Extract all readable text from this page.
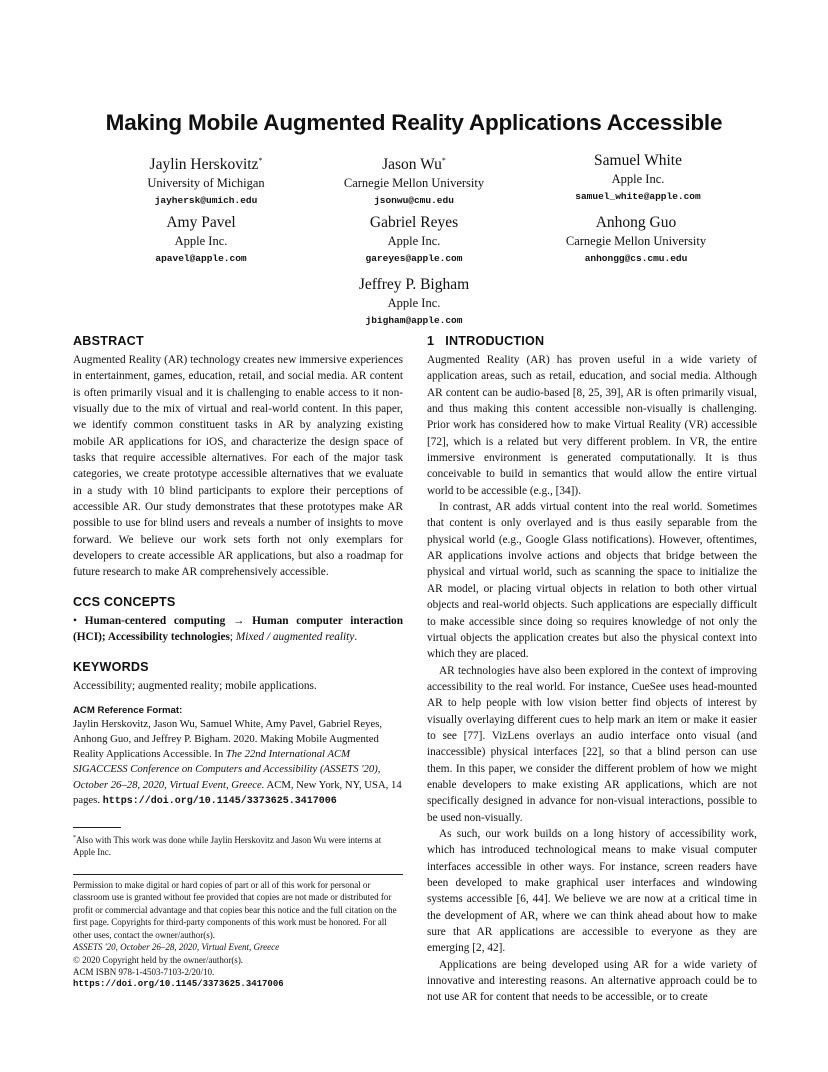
Making Mobile Augmented Reality Applications Accessible
Jaylin Herskovitz*
University of Michigan
jayhersk@umich.edu
Jason Wu*
Carnegie Mellon University
jsonwu@cmu.edu
Samuel White
Apple Inc.
samuel_white@apple.com
Amy Pavel
Apple Inc.
apavel@apple.com
Gabriel Reyes
Apple Inc.
gareyes@apple.com
Anhong Guo
Carnegie Mellon University
anhongg@cs.cmu.edu
Jeffrey P. Bigham
Apple Inc.
jbigham@apple.com
ABSTRACT

Augmented Reality (AR) technology creates new immersive experiences in entertainment, games, education, retail, and social media. AR content is often primarily visual and it is challenging to enable access to it non-visually due to the mix of virtual and real-world content. In this paper, we identify common constituent tasks in AR by analyzing existing mobile AR applications for iOS, and characterize the design space of tasks that require accessible alternatives. For each of the major task categories, we create prototype accessible alternatives that we evaluate in a study with 10 blind participants to explore their perceptions of accessible AR. Our study demonstrates that these prototypes make AR possible to use for blind users and reveals a number of insights to move forward. We believe our work sets forth not only exemplars for developers to create accessible AR applications, but also a roadmap for future research to make AR comprehensively accessible.

CCS CONCEPTS

• Human-centered computing → Human computer interaction (HCI); Accessibility technologies; Mixed / augmented reality.

KEYWORDS

Accessibility; augmented reality; mobile applications.

ACM Reference Format:
Jaylin Herskovitz, Jason Wu, Samuel White, Amy Pavel, Gabriel Reyes, Anhong Guo, and Jeffrey P. Bigham. 2020. Making Mobile Augmented Reality Applications Accessible. In The 22nd International ACM SIGACCESS Conference on Computers and Accessibility (ASSETS '20), October 26–28, 2020, Virtual Event, Greece. ACM, New York, NY, USA, 14 pages. https://doi.org/10.1145/3373625.3417006
*Also with This work was done while Jaylin Herskovitz and Jason Wu were interns at Apple Inc.
Permission to make digital or hard copies of part or all of this work for personal or classroom use is granted without fee provided that copies are not made or distributed for profit or commercial advantage and that copies bear this notice and the full citation on the first page. Copyrights for third-party components of this work must be honored. For all other uses, contact the owner/author(s).
ASSETS '20, October 26–28, 2020, Virtual Event, Greece
© 2020 Copyright held by the owner/author(s).
ACM ISBN 978-1-4503-7103-2/20/10.
https://doi.org/10.1145/3373625.3417006
1   INTRODUCTION

Augmented Reality (AR) has proven useful in a wide variety of application areas, such as retail, education, and social media. Although AR content can be audio-based [8, 25, 39], AR is often primarily visual, and thus making this content accessible non-visually is challenging. Prior work has considered how to make Virtual Reality (VR) accessible [72], which is a related but very different problem. In VR, the entire immersive environment is generated computationally. It is thus conceivable to build in semantics that would allow the entire virtual world to be accessible (e.g., [34]).

In contrast, AR adds virtual content into the real world. Sometimes that content is only overlayed and is thus easily separable from the physical world (e.g., Google Glass notifications). However, oftentimes, AR applications involve actions and objects that bridge between the physical and virtual world, such as scanning the space to initialize the AR model, or placing virtual objects in relation to both other virtual objects and real-world objects. Such applications are especially difficult to make accessible since doing so requires knowledge of not only the virtual objects the application creates but also the physical context into which they are placed.

AR technologies have also been explored in the context of improving accessibility to the real world. For instance, CueSee uses head-mounted AR to help people with low vision better find objects of interest by visually overlaying different cues to help mark an item or make it easier to see [77]. VizLens overlays an audio interface onto visual (and inaccessible) physical interfaces [22], so that a blind person can use them. In this paper, we consider the different problem of how we might enable developers to make existing AR applications, which are not specifically designed in advance for non-visual interactions, possible to be used non-visually.

As such, our work builds on a long history of accessibility work, which has introduced technological means to make visual computer interfaces accessible in other ways. For instance, screen readers have been developed to make graphical user interfaces and windowing systems accessible [6, 44]. We believe we are now at a critical time in the development of AR, where we can think ahead about how to make sure that AR applications are accessible to everyone as they are emerging [2, 42].

Applications are being developed using AR for a wide variety of innovative and interesting reasons. An alternative approach could be to not use AR for content that needs to be accessible, or to create
